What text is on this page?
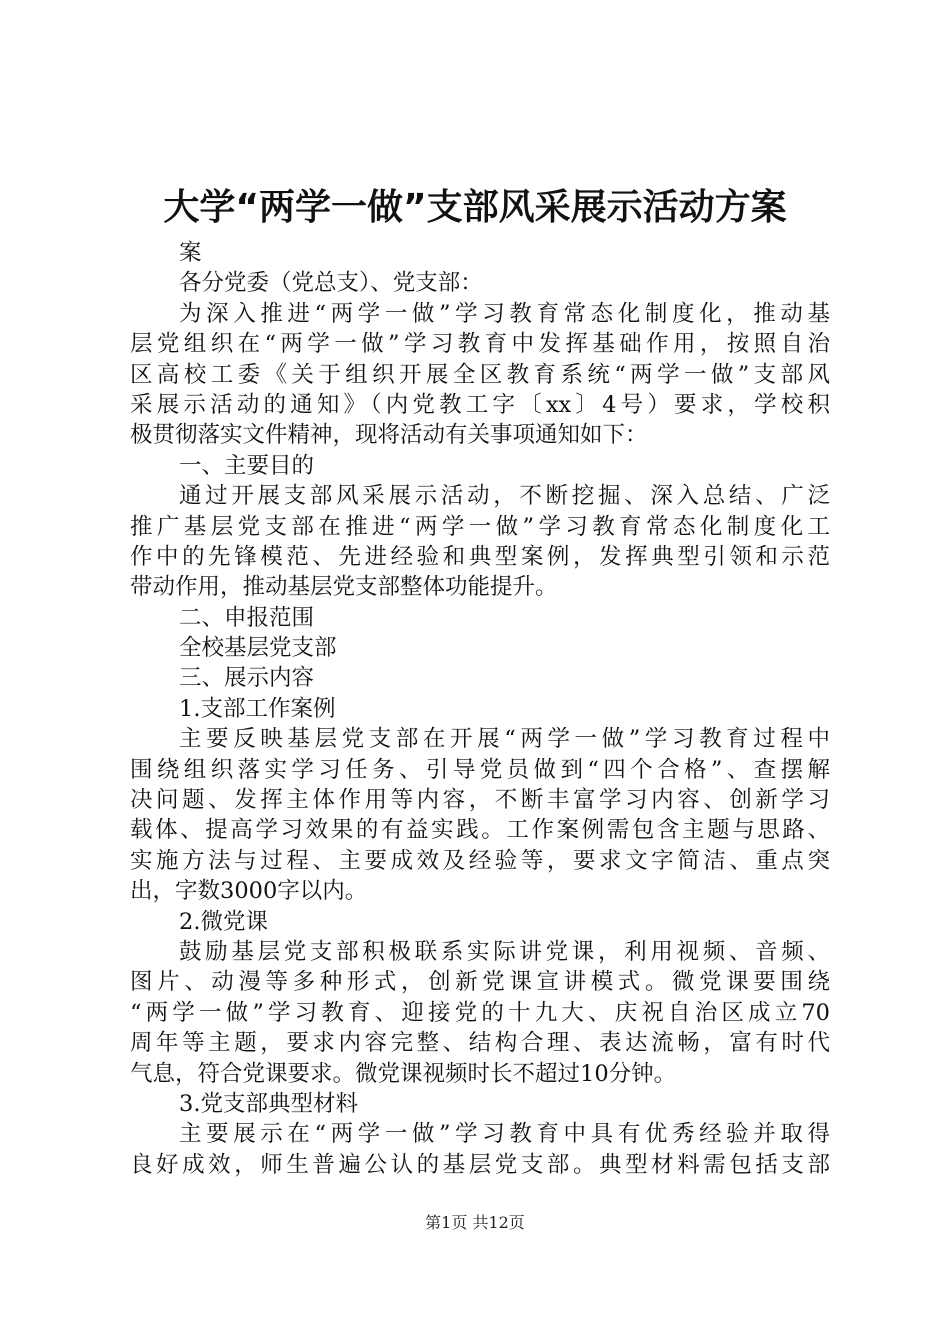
大学“两学一做”支部风采展示活动方案
案
各分党委（党总支）、党支部：
为深入推进“两学一做”学习教育常态化制度化，推动基
层党组织在“两学一做”学习教育中发挥基础作用，按照自治
区高校工委《关于组织开展全区教育系统“两学一做”支部风
采展示活动的通知》（内党教工字〔xx〕4号）要求，学校积
极贯彻落实文件精神，现将活动有关事项通知如下：
一、主要目的
通过开展支部风采展示活动，不断挖掘、深入总结、广泛
推广基层党支部在推进“两学一做”学习教育常态化制度化工
作中的先锋模范、先进经验和典型案例，发挥典型引领和示范
带动作用，推动基层党支部整体功能提升。
二、申报范围
全校基层党支部
三、展示内容
1.支部工作案例
主要反映基层党支部在开展“两学一做”学习教育过程中
围绕组织落实学习任务、引导党员做到“四个合格”、查摆解
决问题、发挥主体作用等内容，不断丰富学习内容、创新学习
载体、提高学习效果的有益实践。工作案例需包含主题与思路、
实施方法与过程、主要成效及经验等，要求文字简洁、重点突
出，字数3000字以内。
2.微党课
鼓励基层党支部积极联系实际讲党课，利用视频、音频、
图片、动漫等多种形式，创新党课宣讲模式。微党课要围绕
“两学一做”学习教育、迎接党的十九大、庆祝自治区成立70
周年等主题，要求内容完整、结构合理、表达流畅，富有时代
气息，符合党课要求。微党课视频时长不超过10分钟。
3.党支部典型材料
主要展示在“两学一做”学习教育中具有优秀经验并取得
良好成效，师生普遍公认的基层党支部。典型材料需包括支部
第1页 共12页
